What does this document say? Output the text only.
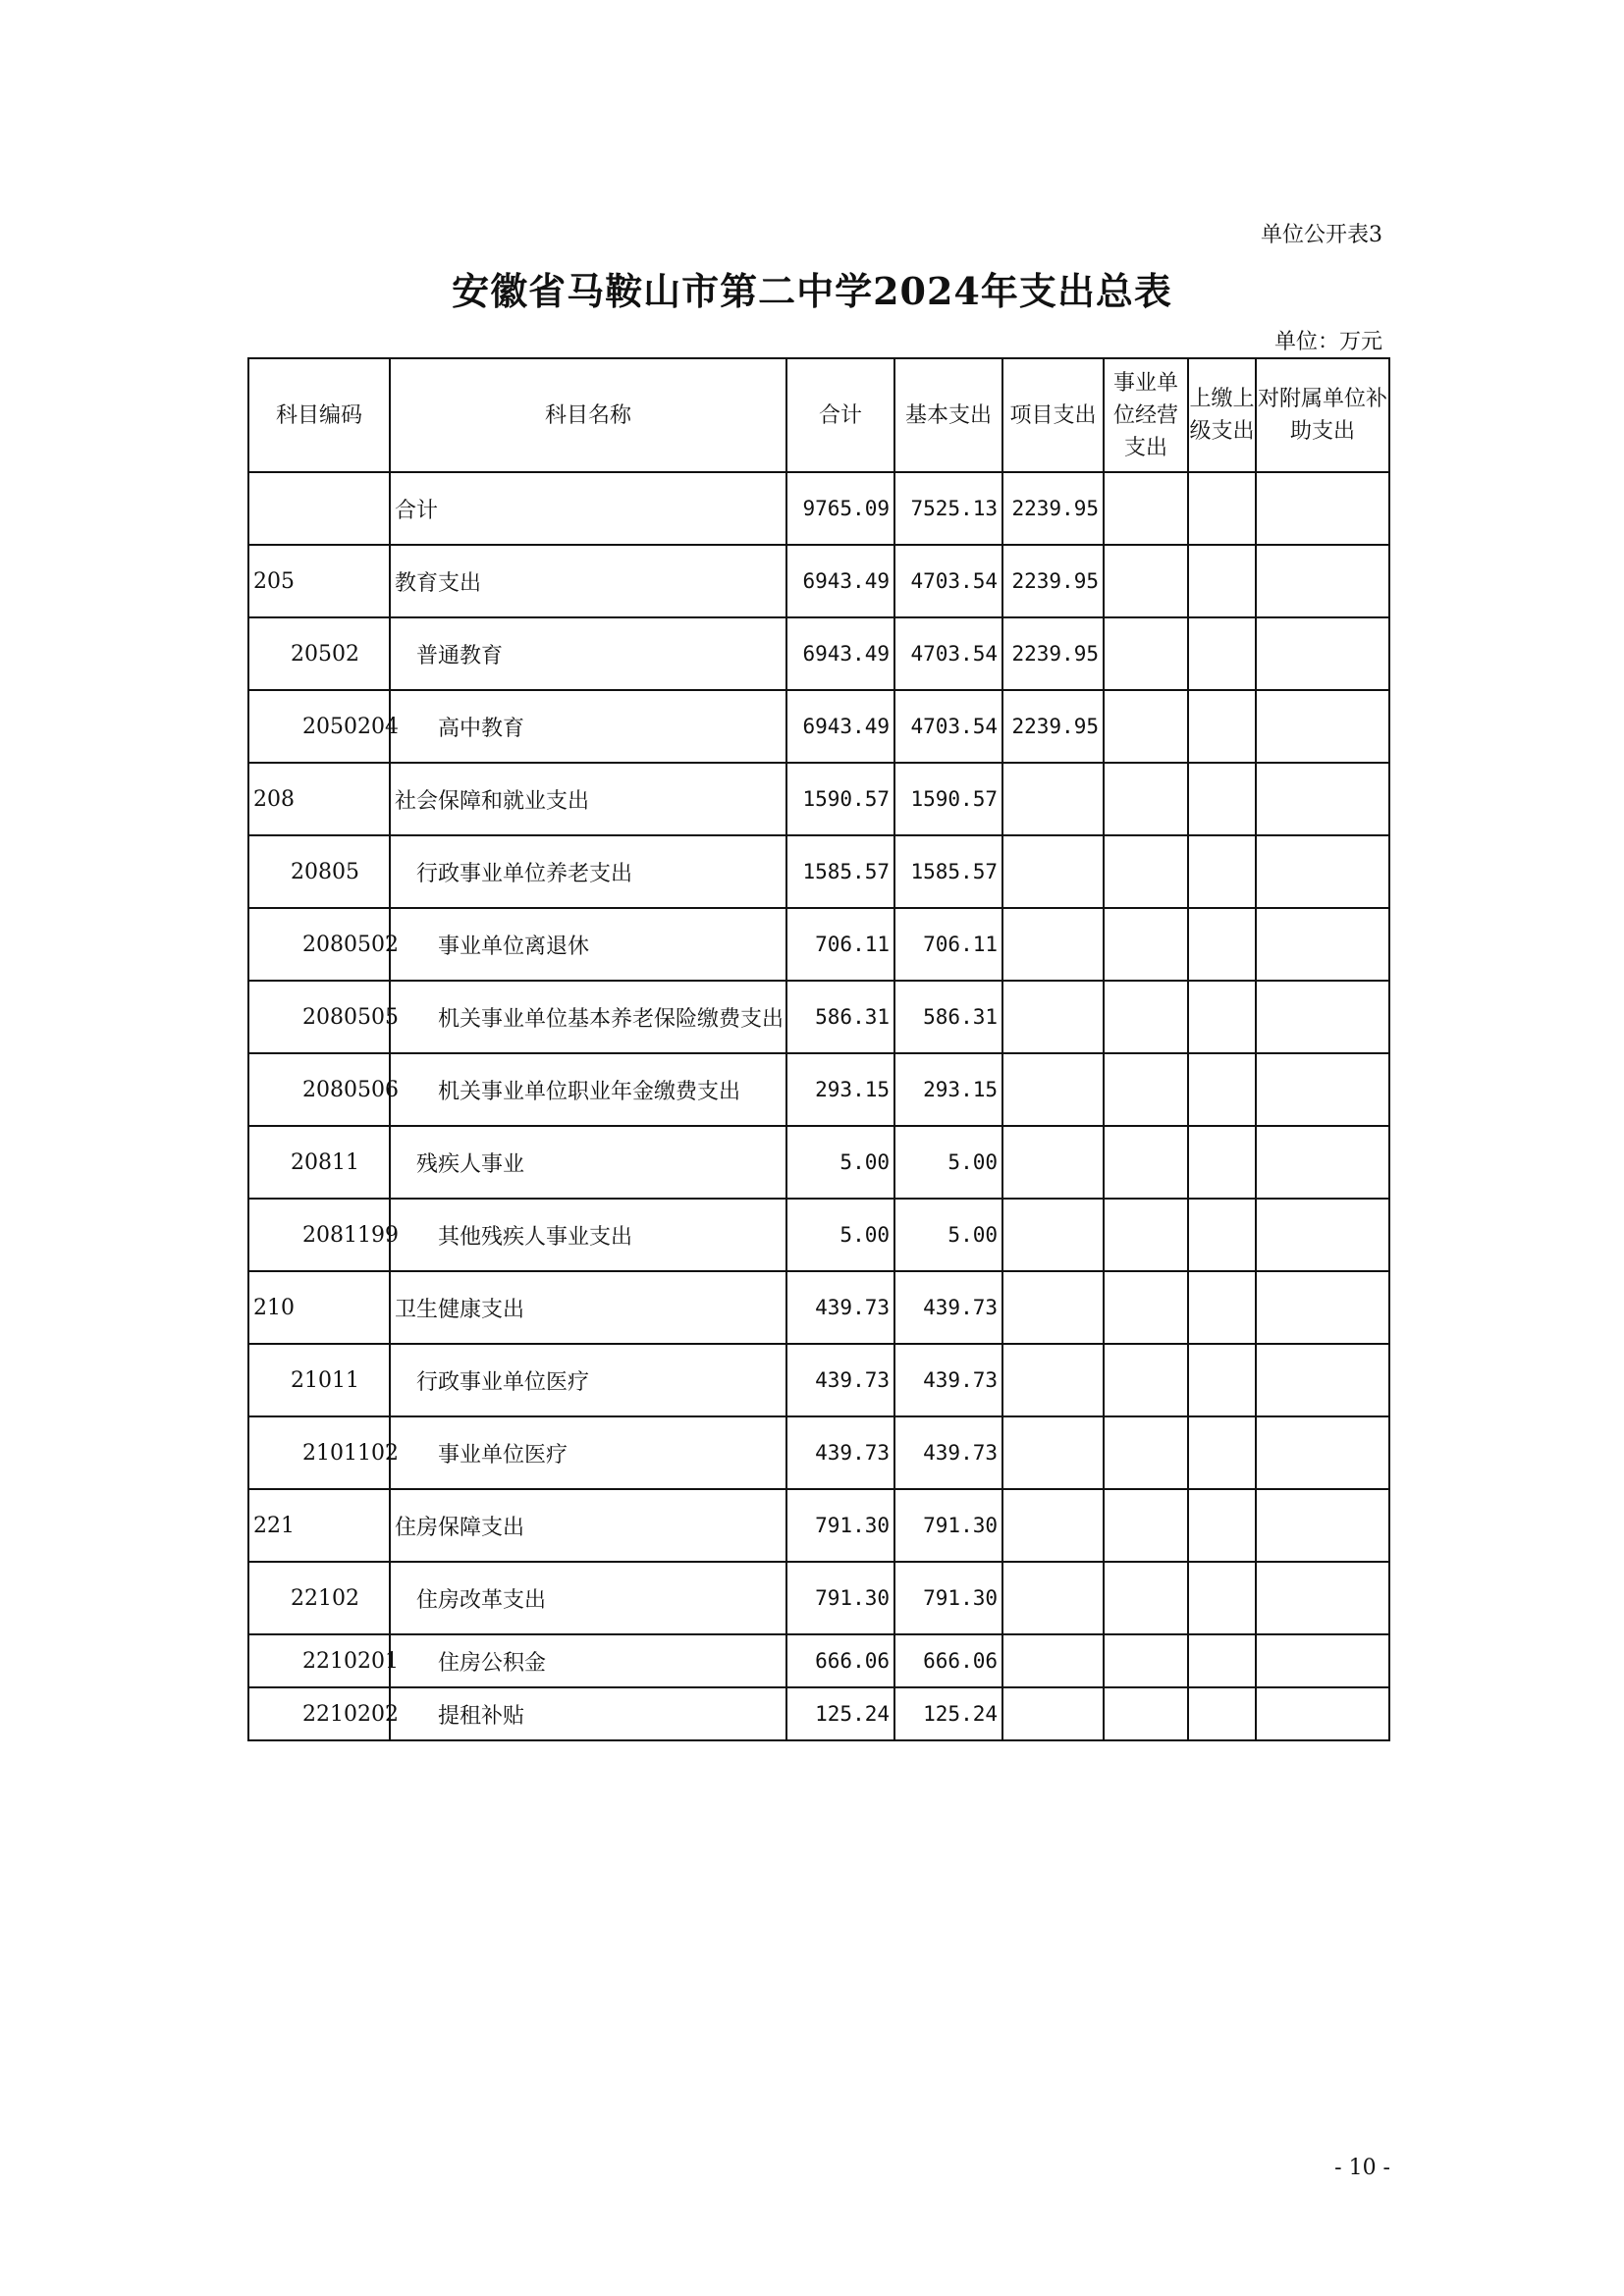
单位公开表3
安徽省马鞍山市第二中学2024年支出总表
单位：万元
科目编码	科目名称	合计	基本支出	项目支出	事业单位经营支出	上缴上级支出	对附属单位补助支出
	合计	9765.09	7525.13	2239.95			
205	教育支出	6943.49	4703.54	2239.95			
20502	普通教育	6943.49	4703.54	2239.95			
2050204	高中教育	6943.49	4703.54	2239.95			
208	社会保障和就业支出	1590.57	1590.57				
20805	行政事业单位养老支出	1585.57	1585.57				
2080502	事业单位离退休	706.11	706.11				
2080505	机关事业单位基本养老保险缴费支出	586.31	586.31				
2080506	机关事业单位职业年金缴费支出	293.15	293.15				
20811	残疾人事业	5.00	5.00				
2081199	其他残疾人事业支出	5.00	5.00				
210	卫生健康支出	439.73	439.73				
21011	行政事业单位医疗	439.73	439.73				
2101102	事业单位医疗	439.73	439.73				
221	住房保障支出	791.30	791.30				
22102	住房改革支出	791.30	791.30				
2210201	住房公积金	666.06	666.06				
2210202	提租补贴	125.24	125.24				
- 10 -
